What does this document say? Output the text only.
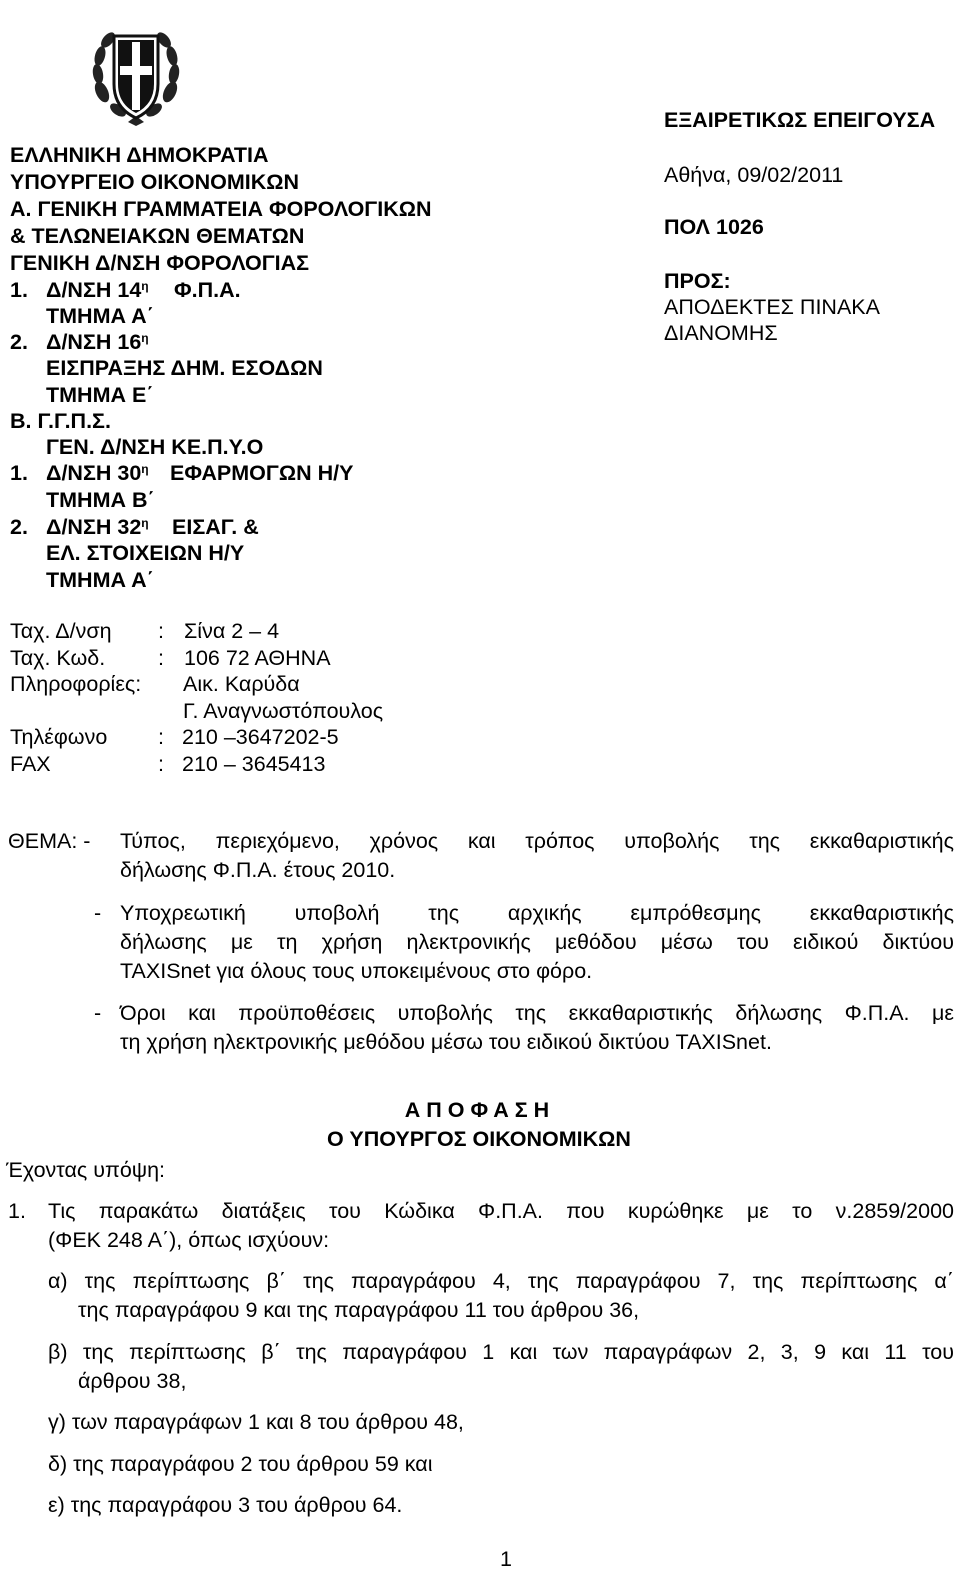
ΕΛΛΗΝΙΚΗ ΔΗΜΟΚΡΑΤΙΑ
ΥΠΟΥΡΓΕΙΟ ΟΙΚΟΝΟΜΙΚΩΝ
Α. ΓΕΝΙΚΗ ΓΡΑΜΜΑΤΕΙΑ ΦΟΡΟΛΟΓΙΚΩΝ
& ΤΕΛΩΝΕΙΑΚΩΝ ΘΕΜΑΤΩΝ
ΓΕΝΙΚΗ Δ/ΝΣΗ ΦΟΡΟΛΟΓΙΑΣ
1. Δ/ΝΣΗ $14^\eta$ Φ.Π.Α.
ΤΜΗΜΑ Α΄
2. Δ/ΝΣΗ $16^\eta$
ΕΙΣΠΡΑΞΗΣ ΔΗΜ. ΕΣΟΔΩΝ
ΤΜΗΜΑ Ε΄
Β. Γ.Γ.Π.Σ.
ΓΕΝ. Δ/ΝΣΗ ΚΕ.Π.Υ.Ο
1. Δ/ΝΣΗ $30^\eta$ ΕΦΑΡΜΟΓΩΝ Η/Υ
ΤΜΗΜΑ Β΄
2. Δ/ΝΣΗ $32^\eta$ ΕΙΣΑΓ. &
ΕΛ. ΣΤΟΙΧΕΙΩΝ Η/Υ
ΤΜΗΜΑ Α΄
ΕΞΑΙΡΕΤΙΚΩΣ ΕΠΕΙΓΟΥΣΑ
Αθήνα, 09/02/2011
ΠΟΛ 1026
ΠΡΟΣ:
ΑΠΟΔΕΚΤΕΣ ΠΙΝΑΚΑ
ΔΙΑΝΟΜΗΣ
Ταχ. Δ/νση : Σίνα 2 – 4
Ταχ. Κωδ. : 106 72 ΑΘΗΝΑ
Πληροφορίες: Αικ. Καρύδα
Γ. Αναγνωστόπουλος
Τηλέφωνο : 210 –3647202-5
FAX	: 210 – 3645413
ΘΕΜΑ: - Τύπος, περιεχόμενο, χρόνος και τρόπος υποβολής της εκκαθαριστικής
δήλωσης Φ.Π.Α. έτους 2010.
- Υποχρεωτική υποβολή της αρχικής εμπρόθεσμης εκκαθαριστικής
δήλωσης με τη χρήση ηλεκτρονικής μεθόδου μέσω του ειδικού δικτύου
TAXISnet για όλους τους υποκειμένους στο φόρο.
- Όροι και προϋποθέσεις υποβολής της εκκαθαριστικής δήλωσης Φ.Π.Α. με
τη χρήση ηλεκτρονικής μεθόδου μέσω του ειδικού δικτύου TAXISnet.
Α Π Ο Φ Α Σ Η
Ο ΥΠΟΥΡΓΟΣ ΟΙΚΟΝΟΜΙΚΩΝ
Έχοντας υπόψη:
1. Τις παρακάτω διατάξεις του Κώδικα Φ.Π.Α. που κυρώθηκε με το ν.2859/2000
(ΦΕΚ 248 Α΄), όπως ισχύουν:
α) της περίπτωσης β΄ της παραγράφου 4, της παραγράφου 7, της περίπτωσης α΄
της παραγράφου 9 και της παραγράφου 11 του άρθρου 36,
β) της περίπτωσης β΄ της παραγράφου 1 και των παραγράφων 2, 3, 9 και 11 του
άρθρου 38,
γ) των παραγράφων 1 και 8 του άρθρου 48,
δ) της παραγράφου 2 του άρθρου 59 και
ε) της παραγράφου 3 του άρθρου 64.
1
